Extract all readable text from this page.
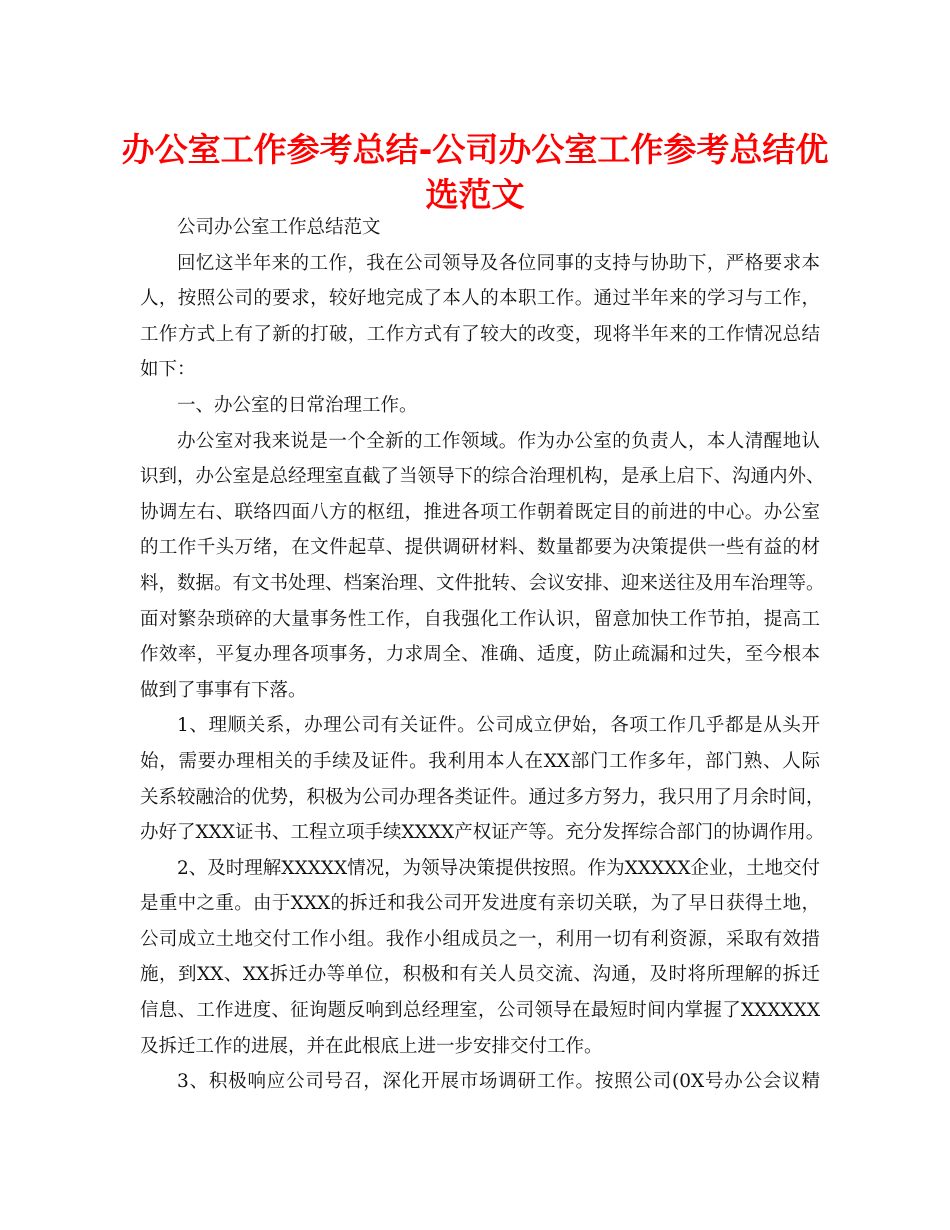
办公室工作参考总结-公司办公室工作参考总结优
选范文
公司办公室工作总结范文
回忆这半年来的工作，我在公司领导及各位同事的支持与协助下，严格要求本
人，按照公司的要求，较好地完成了本人的本职工作。通过半年来的学习与工作，
工作方式上有了新的打破，工作方式有了较大的改变，现将半年来的工作情况总结
如下：
一、办公室的日常治理工作。
办公室对我来说是一个全新的工作领域。作为办公室的负责人，本人清醒地认
识到，办公室是总经理室直截了当领导下的综合治理机构，是承上启下、沟通内外、
协调左右、联络四面八方的枢纽，推进各项工作朝着既定目的前进的中心。办公室
的工作千头万绪，在文件起草、提供调研材料、数量都要为决策提供一些有益的材
料，数据。有文书处理、档案治理、文件批转、会议安排、迎来送往及用车治理等。
面对繁杂琐碎的大量事务性工作，自我强化工作认识，留意加快工作节拍，提高工
作效率，平复办理各项事务，力求周全、准确、适度，防止疏漏和过失，至今根本
做到了事事有下落。
1、理顺关系，办理公司有关证件。公司成立伊始，各项工作几乎都是从头开
始，需要办理相关的手续及证件。我利用本人在XX部门工作多年，部门熟、人际
关系较融洽的优势，积极为公司办理各类证件。通过多方努力，我只用了月余时间，
办好了XXX证书、工程立项手续XXXX产权证产等。充分发挥综合部门的协调作用。
2、及时理解XXXXX情况，为领导决策提供按照。作为XXXXX企业，土地交付
是重中之重。由于XXX的拆迁和我公司开发进度有亲切关联，为了早日获得土地，
公司成立土地交付工作小组。我作小组成员之一，利用一切有利资源，采取有效措
施，到XX、XX拆迁办等单位，积极和有关人员交流、沟通，及时将所理解的拆迁
信息、工作进度、征询题反响到总经理室，公司领导在最短时间内掌握了XXXXXX
及拆迁工作的进展，并在此根底上进一步安排交付工作。
3、积极响应公司号召，深化开展市场调研工作。按照公司(0X号办公会议精
